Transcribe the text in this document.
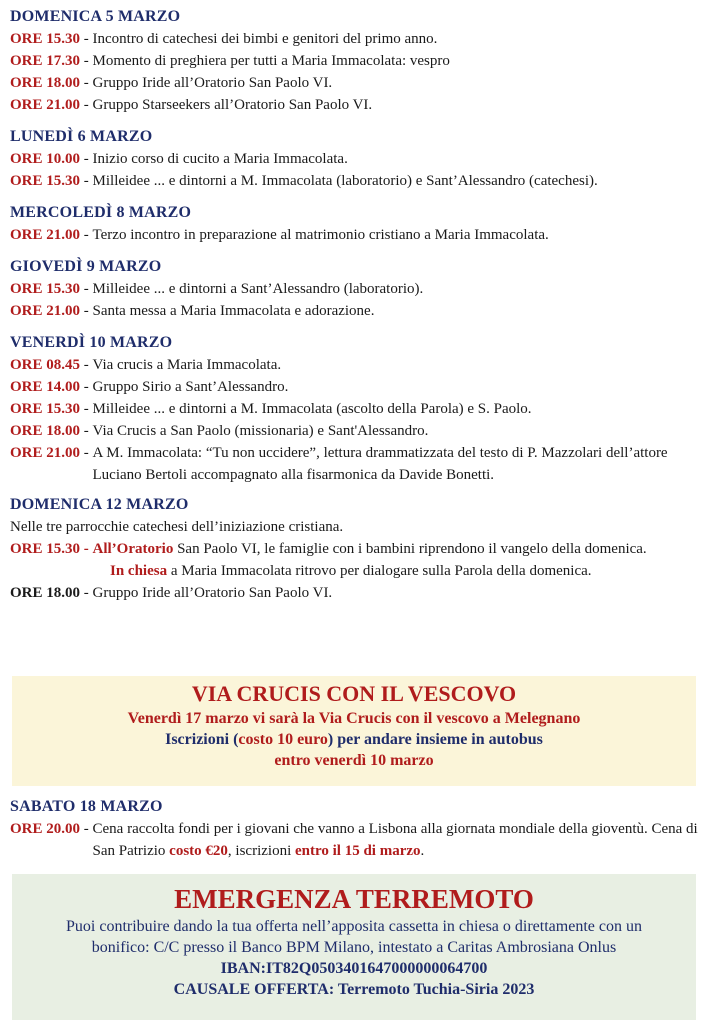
DOMENICA 5 MARZO
ORE 15.30 - Incontro di catechesi dei bimbi e genitori del primo anno.
ORE 17.30 - Momento di preghiera per tutti a Maria Immacolata: vespro
ORE 18.00 - Gruppo Iride all’Oratorio San Paolo VI.
ORE 21.00 - Gruppo Starseekers all’Oratorio San Paolo VI.
LUNEDÌ 6 MARZO
ORE 10.00 - Inizio corso di cucito a Maria Immacolata.
ORE 15.30 - Milleidee ... e dintorni a M. Immacolata (laboratorio) e Sant’Alessandro (catechesi).
MERCOLEDÌ 8 MARZO
ORE 21.00 - Terzo incontro in preparazione al matrimonio cristiano a Maria Immacolata.
GIOVEDÌ 9 MARZO
ORE 15.30 - Milleidee ... e dintorni a Sant’Alessandro (laboratorio).
ORE 21.00 - Santa messa a Maria Immacolata e adorazione.
VENERDÌ 10 MARZO
ORE 08.45 - Via crucis a Maria Immacolata.
ORE 14.00 - Gruppo Sirio a Sant’Alessandro.
ORE 15.30 - Milleidee ... e dintorni a M. Immacolata (ascolto della Parola) e S. Paolo.
ORE 18.00 - Via Crucis a San Paolo (missionaria) e Sant'Alessandro.
ORE 21.00 - A M. Immacolata: “Tu non uccidere”, lettura drammatizzata del testo di P. Mazzolari dell’attore Luciano Bertoli accompagnato alla fisarmonica da Davide Bonetti.
DOMENICA 12 MARZO
Nelle tre parrocchie catechesi dell’iniziazione cristiana.
ORE 15.30 - All’Oratorio San Paolo VI, le famiglie con i bambini riprendono il vangelo della domenica.
In chiesa a Maria Immacolata ritrovo per dialogare sulla Parola della domenica.
ORE 18.00 - Gruppo Iride all’Oratorio San Paolo VI.
VIA CRUCIS CON IL VESCOVO
Venerdì 17 marzo vi sarà la Via Crucis con il vescovo a Melegnano
Iscrizioni (costo 10 euro) per andare insieme in autobus
entro venerdì 10 marzo
SABATO 18 MARZO
ORE 20.00 - Cena raccolta fondi per i giovani che vanno a Lisbona alla giornata mondiale della gioventù. Cena di San Patrizio costo €20, iscrizioni entro il 15 di marzo.
EMERGENZA TERREMOTO
Puoi contribuire dando la tua offerta nell’apposita cassetta in chiesa o direttamente con un
bonifico: C/C presso il Banco BPM Milano, intestato a Caritas Ambrosiana Onlus
IBAN:IT82Q0503401647000000064700
CAUSALE OFFERTA: Terremoto Tuchia-Siria 2023
